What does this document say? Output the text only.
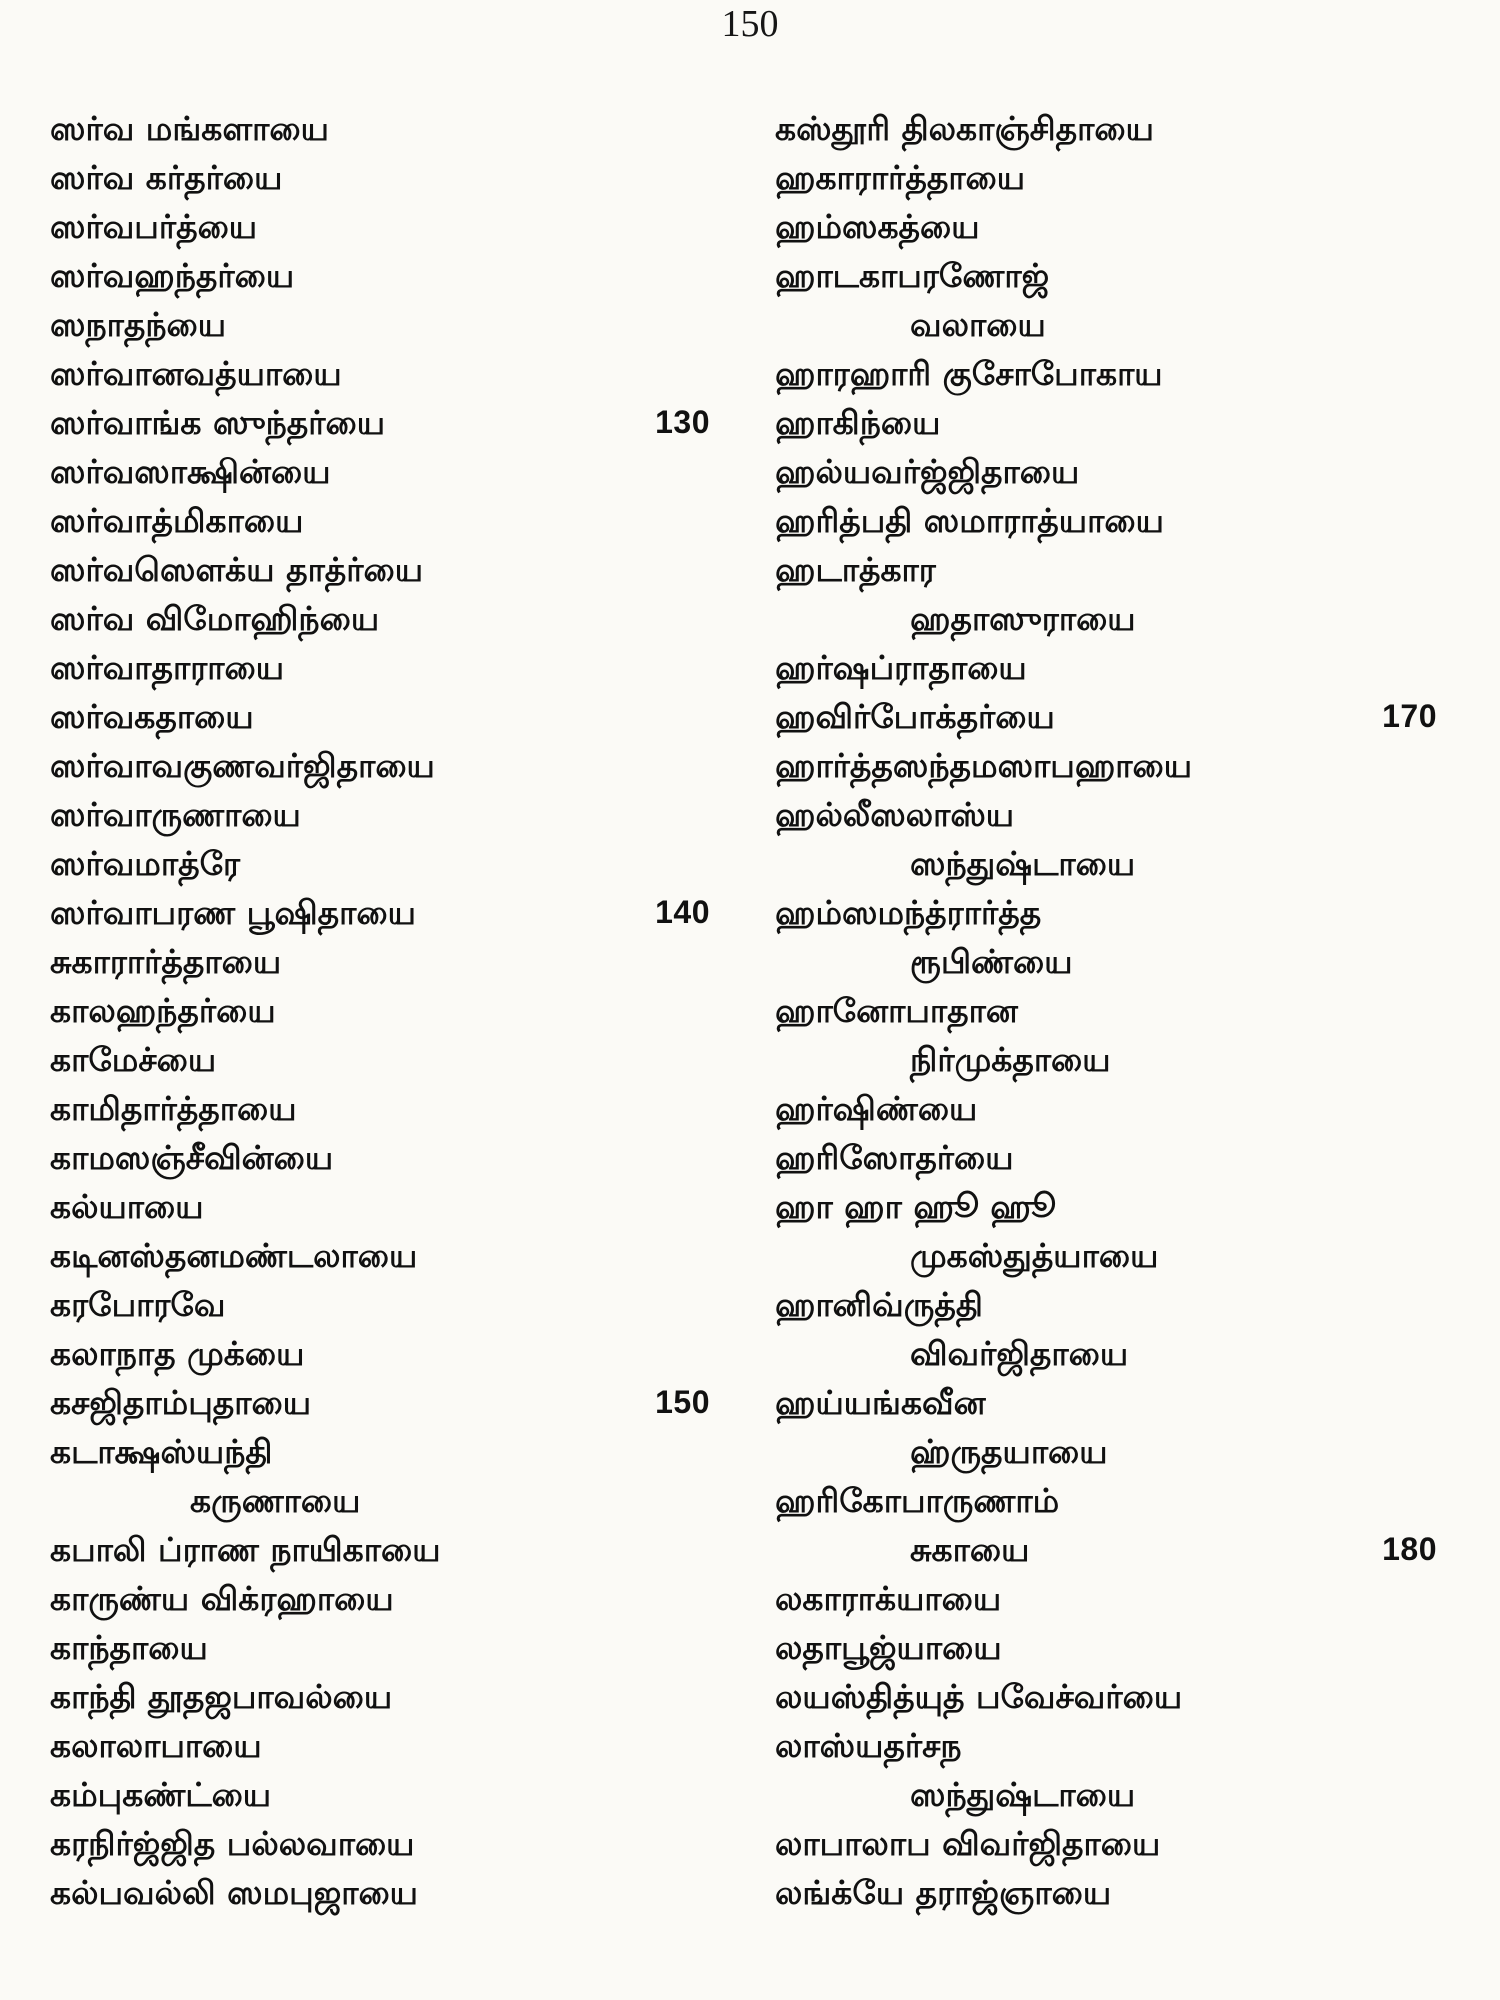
150
ஸர்வ மங்களாயை
ஸர்வ கர்தர்யை
ஸர்வபர்த்யை
ஸர்வஹந்தர்யை
ஸநாதந்யை
ஸர்வானவத்யாயை
ஸர்வாங்க ஸுந்தர்யை	130
ஸர்வஸாக்ஷின்யை
ஸர்வாத்மிகாயை
ஸர்வஸெளக்ய தாத்ர்யை
ஸர்வ விமோஹிந்யை
ஸர்வாதாராயை
ஸர்வகதாயை
ஸர்வாவகுணவர்ஜிதாயை
ஸர்வாருணாயை
ஸர்வமாத்ரே
ஸர்வாபரண பூஷிதாயை	140
சுகாரார்த்தாயை
காலஹந்தர்யை
காமேச்யை
காமிதார்த்தாயை
காமஸஞ்சீவின்யை
கல்யாயை
கடினஸ்தனமண்டலாயை
கரபோரவே
கலாநாத முக்யை
கசஜிதாம்புதாயை	150
கடாக்ஷஸ்யந்தி
கருணாயை
கபாலி ப்ராண நாயிகாயை
காருண்ய விக்ரஹாயை
காந்தாயை
காந்தி தூதஜபாவல்யை
கலாலாபாயை
கம்புகண்ட்யை
கரநிர்ஜ்ஜித பல்லவாயை
கல்பவல்லி ஸமபுஜாயை
கஸ்தூரி திலகாஞ்சிதாயை
ஹகாரார்த்தாயை
ஹம்ஸகத்யை
ஹாடகாபரணோஜ்
வலாயை
ஹாரஹாரி குசோபோகாய
ஹாகிந்யை
ஹல்யவர்ஜ்ஜிதாயை
ஹரித்பதி ஸமாராத்யாயை
ஹடாத்கார
ஹதாஸுராயை
ஹர்ஷப்ராதாயை
ஹவிர்போக்தர்யை	170
ஹார்த்தஸந்தமஸாபஹாயை
ஹல்லீஸலாஸ்ய
ஸந்துஷ்டாயை
ஹம்ஸமந்த்ரார்த்த
ரூபிண்யை
ஹானோபாதான
நிர்முக்தாயை
ஹர்ஷிண்யை
ஹரிஸோதர்யை
ஹா ஹா ஹூ ஹூ
முகஸ்துத்யாயை
ஹானிவ்ருத்தி
விவர்ஜிதாயை
ஹய்யங்கவீன
ஹ்ருதயாயை
ஹரிகோபாருணாம்
சுகாயை	180
லகாராக்யாயை
லதாபூஜ்யாயை
லயஸ்தித்யுத் பவேச்வர்யை
லாஸ்யதர்சந
ஸந்துஷ்டாயை
லாபாலாப விவர்ஜிதாயை
லங்க்யே தராஜ்ஞாயை
